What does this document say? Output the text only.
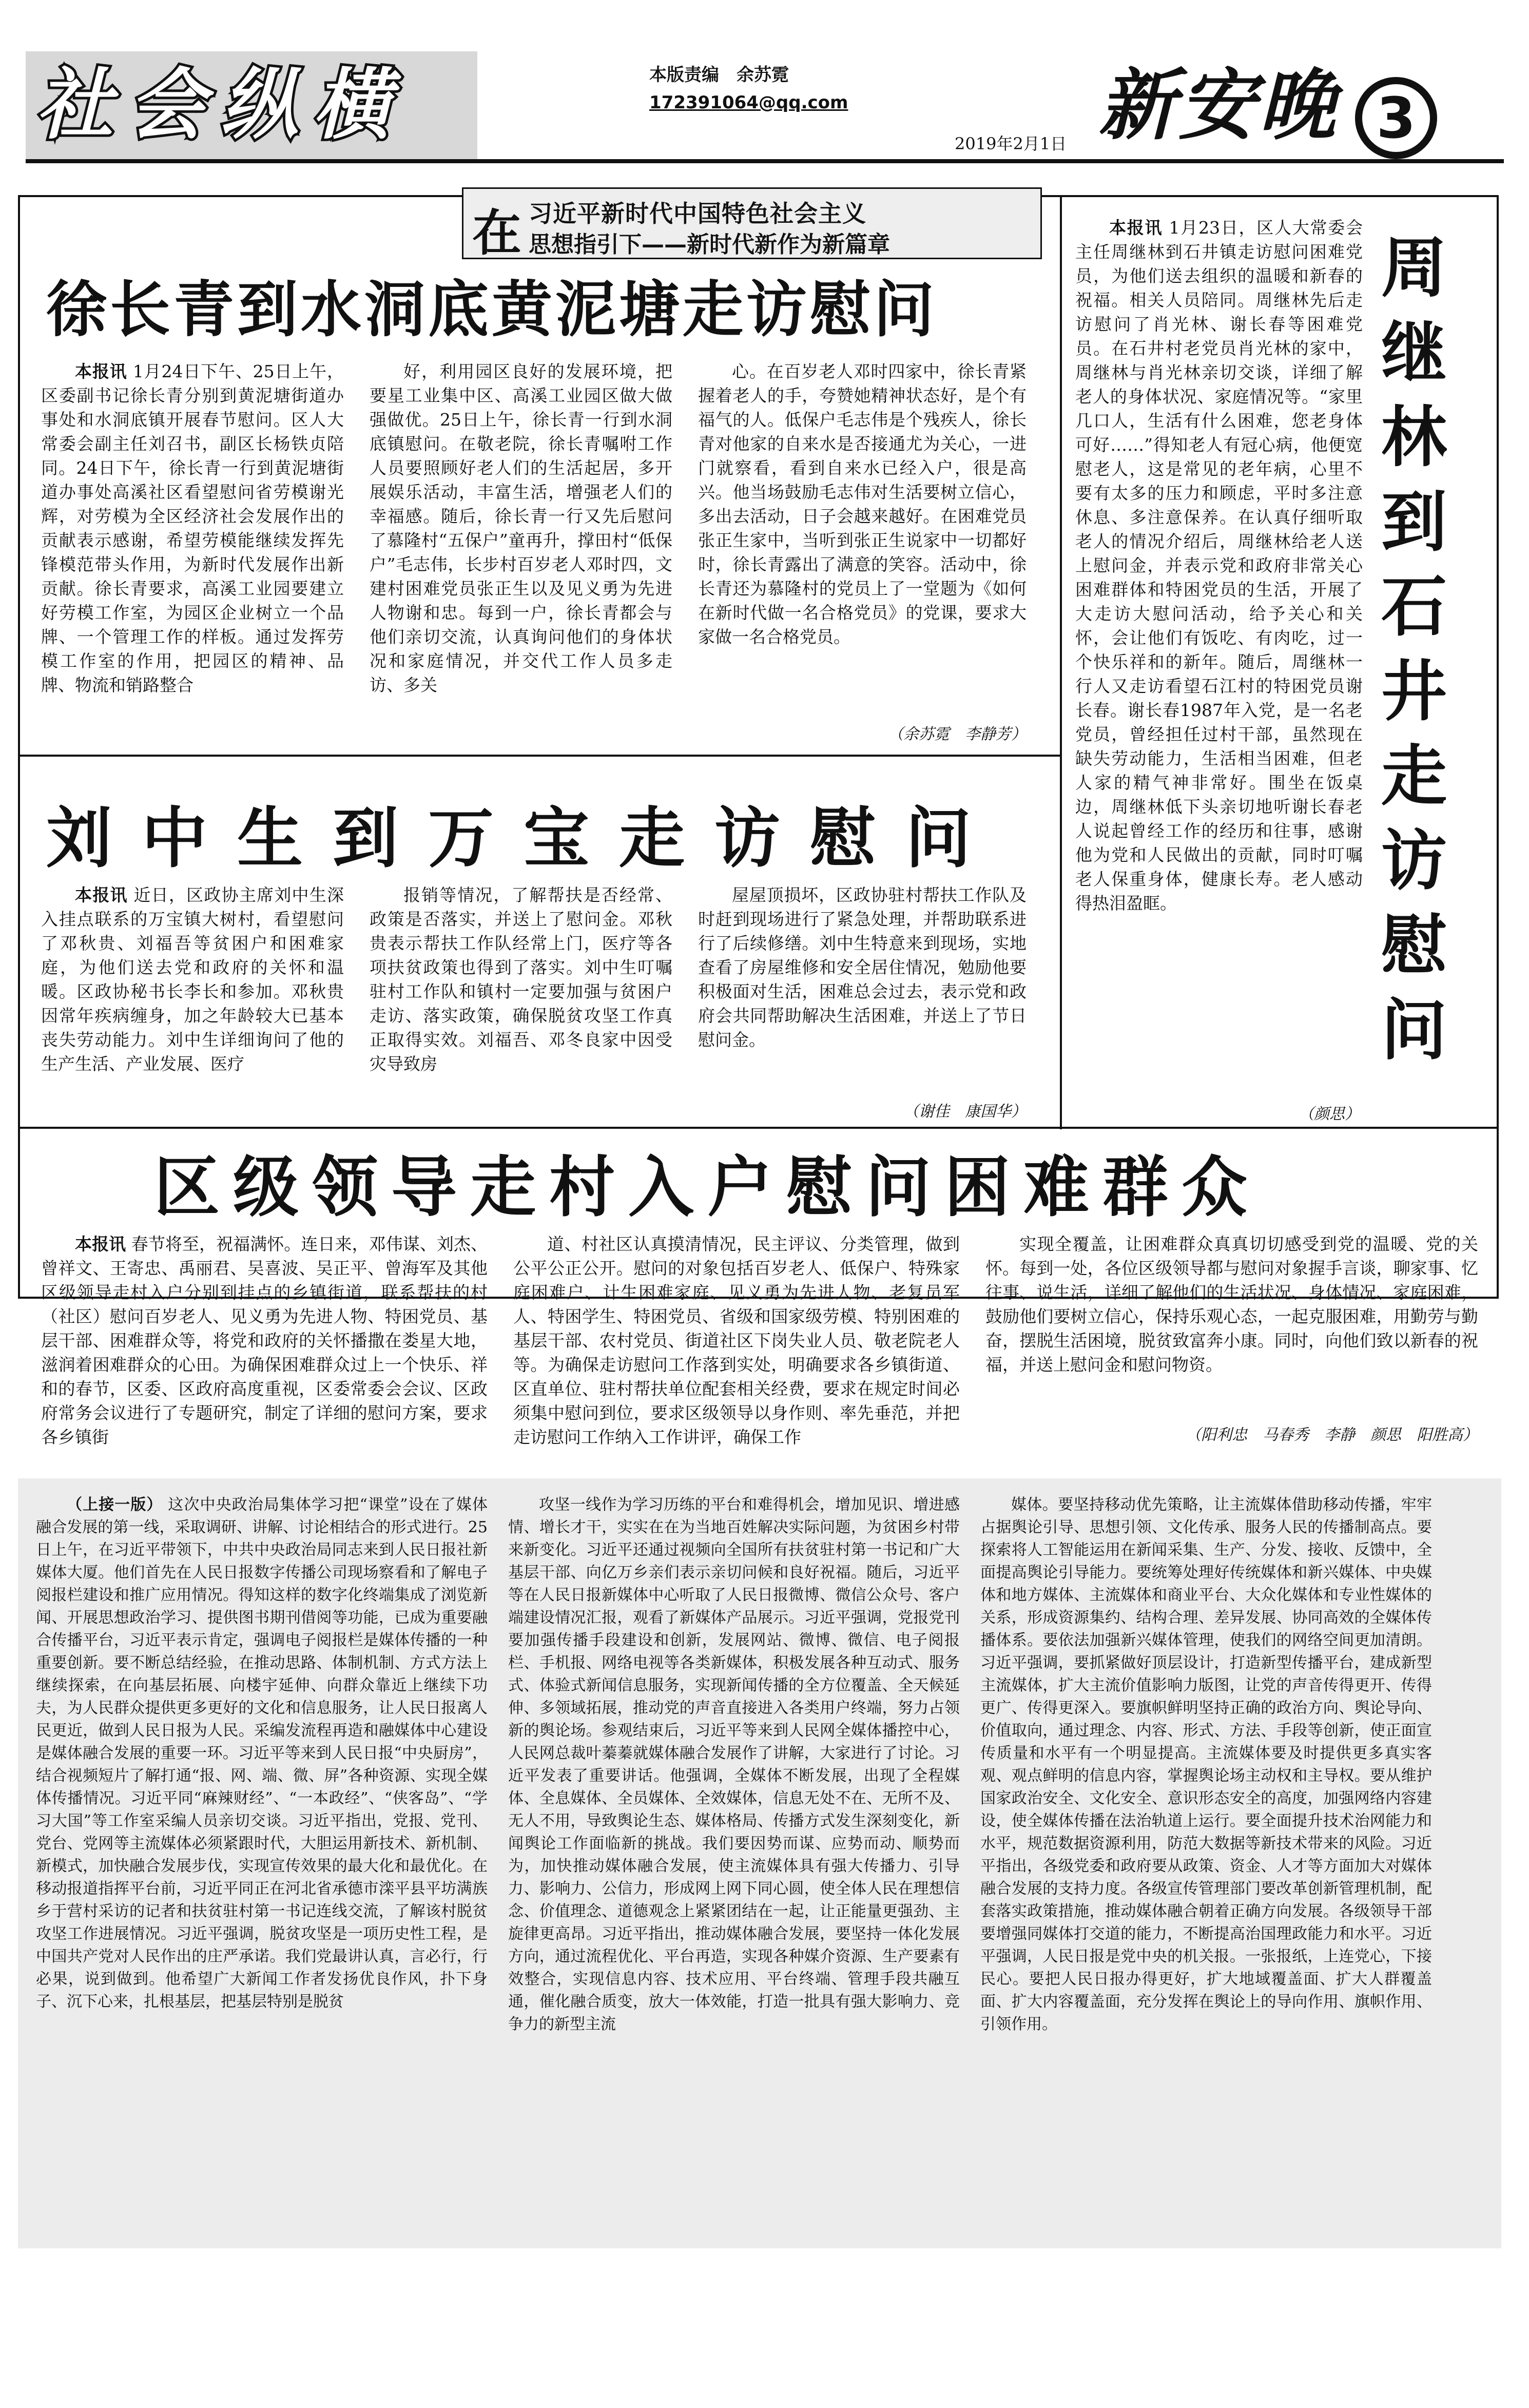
社会纵横	本版责编　余苏霓
172391064@qq.com
2019年2月1日 新安晚 3
在 习近平新时代中国特色社会主义
思想指引下——新时代新作为新篇章
徐长青到水洞底黄泥塘走访慰问
本报讯 1月24日下午、25日上午，区委副书记徐长青分别到黄泥塘街道办事处和水洞底镇开展春节慰问。区人大常委会副主任刘召书，副区长杨铁贞陪同。24日下午，徐长青一行到黄泥塘街道办事处高溪社区看望慰问省劳模谢光辉，对劳模为全区经济社会发展作出的贡献表示感谢，希望劳模能继续发挥先锋模范带头作用，为新时代发展作出新贡献。徐长青要求，高溪工业园要建立好劳模工作室，为园区企业树立一个品牌、一个管理工作的样板。通过发挥劳模工作室的作用，把园区的精神、品牌、物流和销路整合
好，利用园区良好的发展环境，把要星工业集中区、高溪工业园区做大做强做优。25日上午，徐长青一行到水洞底镇慰问。在敬老院，徐长青嘱咐工作人员要照顾好老人们的生活起居，多开展娱乐活动，丰富生活，增强老人们的幸福感。随后，徐长青一行又先后慰问了慕隆村“五保户”童再升，撑田村“低保户”毛志伟，长步村百岁老人邓时四，文建村困难党员张正生以及见义勇为先进人物谢和忠。每到一户，徐长青都会与他们亲切交流，认真询问他们的身体状况和家庭情况，并交代工作人员多走访、多关
心。在百岁老人邓时四家中，徐长青紧握着老人的手，夸赞她精神状态好，是个有福气的人。低保户毛志伟是个残疾人，徐长青对他家的自来水是否接通尤为关心，一进门就察看，看到自来水已经入户，很是高兴。他当场鼓励毛志伟对生活要树立信心，多出去活动，日子会越来越好。在困难党员张正生家中，当听到张正生说家中一切都好时，徐长青露出了满意的笑容。活动中，徐长青还为慕隆村的党员上了一堂题为《如何在新时代做一名合格党员》的党课，要求大家做一名合格党员。
（余苏霓　李静芳）
刘中生到万宝走访慰问
本报讯 近日，区政协主席刘中生深入挂点联系的万宝镇大树村，看望慰问了邓秋贵、刘福吾等贫困户和困难家庭，为他们送去党和政府的关怀和温暖。区政协秘书长李长和参加。邓秋贵因常年疾病缠身，加之年龄较大已基本丧失劳动能力。刘中生详细询问了他的生产生活、产业发展、医疗
报销等情况，了解帮扶是否经常、政策是否落实，并送上了慰问金。邓秋贵表示帮扶工作队经常上门，医疗等各项扶贫政策也得到了落实。刘中生叮嘱驻村工作队和镇村一定要加强与贫困户走访、落实政策，确保脱贫攻坚工作真正取得实效。刘福吾、邓冬良家中因受灾导致房
屋屋顶损坏，区政协驻村帮扶工作队及时赶到现场进行了紧急处理，并帮助联系进行了后续修缮。刘中生特意来到现场，实地查看了房屋维修和安全居住情况，勉励他要积极面对生活，困难总会过去，表示党和政府会共同帮助解决生活困难，并送上了节日慰问金。
（谢佳　康国华）
本报讯 1月23日，区人大常委会主任周继林到石井镇走访慰问困难党员，为他们送去组织的温暖和新春的祝福。相关人员陪同。周继林先后走访慰问了肖光林、谢长春等困难党员。在石井村老党员肖光林的家中，周继林与肖光林亲切交谈，详细了解老人的身体状况、家庭情况等。“家里几口人，生活有什么困难，您老身体可好……”得知老人有冠心病，他便宽慰老人，这是常见的老年病，心里不要有太多的压力和顾虑，平时多注意休息、多注意保养。在认真仔细听取老人的情况介绍后，周继林给老人送上慰问金，并表示党和政府非常关心困难群体和特困党员的生活，开展了大走访大慰问活动，给予关心和关怀，会让他们有饭吃、有肉吃，过一个快乐祥和的新年。随后，周继林一行人又走访看望石江村的特困党员谢长春。谢长春1987年入党，是一名老党员，曾经担任过村干部，虽然现在缺失劳动能力，生活相当困难，但老人家的精气神非常好。围坐在饭桌边，周继林低下头亲切地听谢长春老人说起曾经工作的经历和往事，感谢他为党和人民做出的贡献，同时叮嘱老人保重身体，健康长寿。老人感动得热泪盈眶。
（颜思）
周继林到石井走访慰问
区级领导走村入户慰问困难群众
本报讯 春节将至，祝福满怀。连日来，邓伟谋、刘杰、曾祥文、王寄忠、禹丽君、吴喜波、吴正平、曾海军及其他区级领导走村入户分别到挂点的乡镇街道，联系帮扶的村（社区）慰问百岁老人、见义勇为先进人物、特困党员、基层干部、困难群众等，将党和政府的关怀播撒在娄星大地，滋润着困难群众的心田。为确保困难群众过上一个快乐、祥和的春节，区委、区政府高度重视，区委常委会会议、区政府常务会议进行了专题研究，制定了详细的慰问方案，要求各乡镇街
道、村社区认真摸清情况，民主评议、分类管理，做到公平公正公开。慰问的对象包括百岁老人、低保户、特殊家庭困难户、计生困难家庭、见义勇为先进人物、老复员军人、特困学生、特困党员、省级和国家级劳模、特别困难的基层干部、农村党员、街道社区下岗失业人员、敬老院老人等。为确保走访慰问工作落到实处，明确要求各乡镇街道、区直单位、驻村帮扶单位配套相关经费，要求在规定时间必须集中慰问到位，要求区级领导以身作则、率先垂范，并把走访慰问工作纳入工作讲评，确保工作
实现全覆盖，让困难群众真真切切感受到党的温暖、党的关怀。每到一处，各位区级领导都与慰问对象握手言谈，聊家事、忆往事、说生活，详细了解他们的生活状况、身体情况、家庭困难，鼓励他们要树立信心，保持乐观心态，一起克服困难，用勤劳与勤奋，摆脱生活困境，脱贫致富奔小康。同时，向他们致以新春的祝福，并送上慰问金和慰问物资。
（阳利忠　马春秀　李静　颜思　阳胜高）
（上接一版） 这次中央政治局集体学习把“课堂”设在了媒体融合发展的第一线，采取调研、讲解、讨论相结合的形式进行。25日上午，在习近平带领下，中共中央政治局同志来到人民日报社新媒体大厦。他们首先在人民日报数字传播公司现场察看和了解电子阅报栏建设和推广应用情况。得知这样的数字化终端集成了浏览新闻、开展思想政治学习、提供图书期刊借阅等功能，已成为重要融合传播平台，习近平表示肯定，强调电子阅报栏是媒体传播的一种重要创新。要不断总结经验，在推动思路、体制机制、方式方法上继续探索，在向基层拓展、向楼宇延伸、向群众靠近上继续下功夫，为人民群众提供更多更好的文化和信息服务，让人民日报离人民更近，做到人民日报为人民。采编发流程再造和融媒体中心建设是媒体融合发展的重要一环。习近平等来到人民日报“中央厨房”，结合视频短片了解打通“报、网、端、微、屏”各种资源、实现全媒体传播情况。习近平同“麻辣财经”、“一本政经”、“侠客岛”、“学习大国”等工作室采编人员亲切交谈。习近平指出，党报、党刊、党台、党网等主流媒体必须紧跟时代，大胆运用新技术、新机制、新模式，加快融合发展步伐，实现宣传效果的最大化和最优化。在移动报道指挥平台前，习近平同正在河北省承德市滦平县平坊满族乡于营村采访的记者和扶贫驻村第一书记连线交流，了解该村脱贫攻坚工作进展情况。习近平强调，脱贫攻坚是一项历史性工程，是中国共产党对人民作出的庄严承诺。我们党最讲认真，言必行，行必果，说到做到。他希望广大新闻工作者发扬优良作风，扑下身子、沉下心来，扎根基层，把基层特别是脱贫
攻坚一线作为学习历练的平台和难得机会，增加见识、增进感情、增长才干，实实在在为当地百姓解决实际问题，为贫困乡村带来新变化。习近平还通过视频向全国所有扶贫驻村第一书记和广大基层干部、向亿万乡亲们表示亲切问候和良好祝福。随后，习近平等在人民日报新媒体中心听取了人民日报微博、微信公众号、客户端建设情况汇报，观看了新媒体产品展示。习近平强调，党报党刊要加强传播手段建设和创新，发展网站、微博、微信、电子阅报栏、手机报、网络电视等各类新媒体，积极发展各种互动式、服务式、体验式新闻信息服务，实现新闻传播的全方位覆盖、全天候延伸、多领域拓展，推动党的声音直接进入各类用户终端，努力占领新的舆论场。参观结束后，习近平等来到人民网全媒体播控中心，人民网总裁叶蓁蓁就媒体融合发展作了讲解，大家进行了讨论。习近平发表了重要讲话。他强调，全媒体不断发展，出现了全程媒体、全息媒体、全员媒体、全效媒体，信息无处不在、无所不及、无人不用，导致舆论生态、媒体格局、传播方式发生深刻变化，新闻舆论工作面临新的挑战。我们要因势而谋、应势而动、顺势而为，加快推动媒体融合发展，使主流媒体具有强大传播力、引导力、影响力、公信力，形成网上网下同心圆，使全体人民在理想信念、价值理念、道德观念上紧紧团结在一起，让正能量更强劲、主旋律更高昂。习近平指出，推动媒体融合发展，要坚持一体化发展方向，通过流程优化、平台再造，实现各种媒介资源、生产要素有效整合，实现信息内容、技术应用、平台终端、管理手段共融互通，催化融合质变，放大一体效能，打造一批具有强大影响力、竞争力的新型主流
媒体。要坚持移动优先策略，让主流媒体借助移动传播，牢牢占据舆论引导、思想引领、文化传承、服务人民的传播制高点。要探索将人工智能运用在新闻采集、生产、分发、接收、反馈中，全面提高舆论引导能力。要统筹处理好传统媒体和新兴媒体、中央媒体和地方媒体、主流媒体和商业平台、大众化媒体和专业性媒体的关系，形成资源集约、结构合理、差异发展、协同高效的全媒体传播体系。要依法加强新兴媒体管理，使我们的网络空间更加清朗。习近平强调，要抓紧做好顶层设计，打造新型传播平台，建成新型主流媒体，扩大主流价值影响力版图，让党的声音传得更开、传得更广、传得更深入。要旗帜鲜明坚持正确的政治方向、舆论导向、价值取向，通过理念、内容、形式、方法、手段等创新，使正面宣传质量和水平有一个明显提高。主流媒体要及时提供更多真实客观、观点鲜明的信息内容，掌握舆论场主动权和主导权。要从维护国家政治安全、文化安全、意识形态安全的高度，加强网络内容建设，使全媒体传播在法治轨道上运行。要全面提升技术治网能力和水平，规范数据资源利用，防范大数据等新技术带来的风险。习近平指出，各级党委和政府要从政策、资金、人才等方面加大对媒体融合发展的支持力度。各级宣传管理部门要改革创新管理机制，配套落实政策措施，推动媒体融合朝着正确方向发展。各级领导干部要增强同媒体打交道的能力，不断提高治国理政能力和水平。习近平强调，人民日报是党中央的机关报。一张报纸，上连党心，下接民心。要把人民日报办得更好，扩大地域覆盖面、扩大人群覆盖面、扩大内容覆盖面，充分发挥在舆论上的导向作用、旗帜作用、引领作用。
